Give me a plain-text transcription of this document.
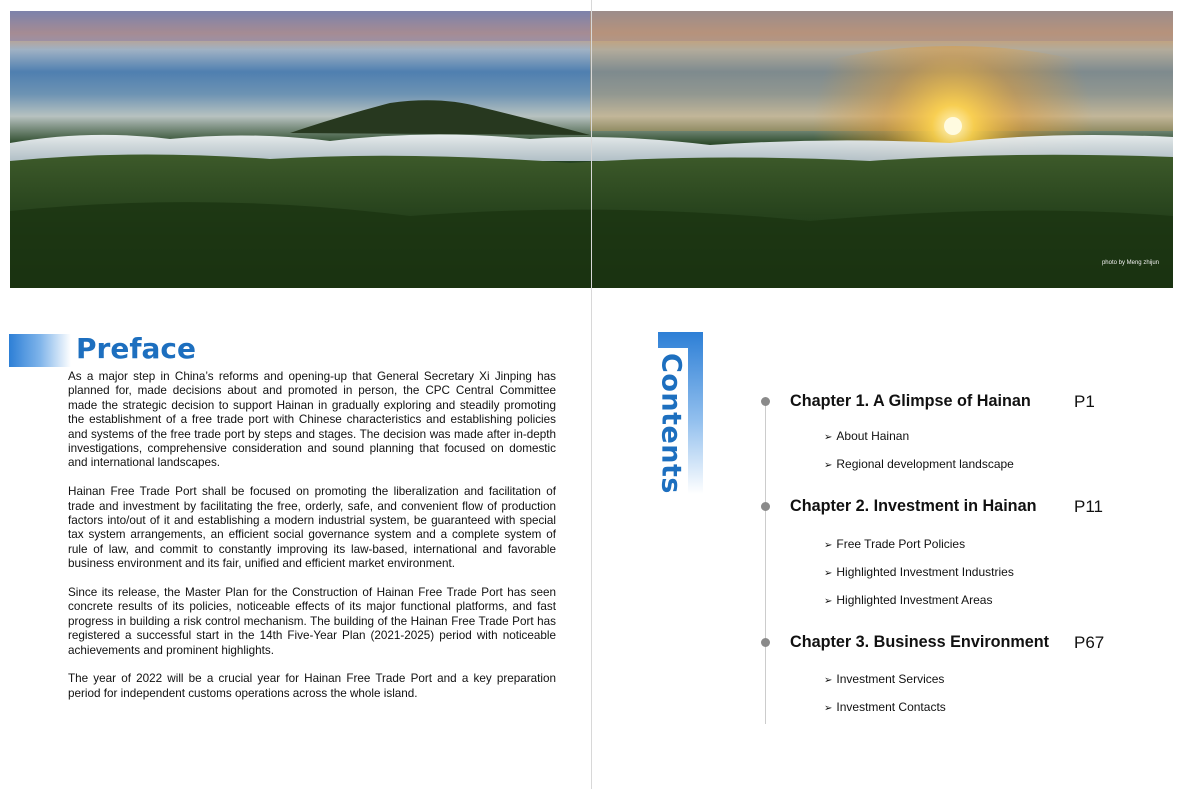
photo by Meng zhijun
Preface

As a major step in China’s reforms and opening-up that General Secretary Xi Jinping has planned for, made decisions about and promoted in person, the CPC Central Committee made the strategic decision to support Hainan in gradually exploring and steadily promoting the establishment of a free trade port with Chinese characteristics and establishing policies and systems of the free trade port by steps and stages. The decision was made after in-depth investigations, comprehensive consideration and sound planning that focused on domestic and international landscapes.

Hainan Free Trade Port shall be focused on promoting the liberalization and facilitation of trade and investment by facilitating the free, orderly, safe, and convenient flow of production factors into/out of it and establishing a modern industrial system, be guaranteed with special tax system arrangements, an efficient social governance system and a complete system of rule of law, and commit to constantly improving its law-based, international and favorable business environment and its fair, unified and efficient market environment.

Since its release, the Master Plan for the Construction of Hainan Free Trade Port has seen concrete results of its policies, noticeable effects of its major functional platforms, and fast progress in building a risk control mechanism. The building of the Hainan Free Trade Port has registered a successful start in the 14th Five-Year Plan (2021-2025) period with noticeable achievements and prominent highlights.

The year of 2022 will be a crucial year for Hainan Free Trade Port and a key preparation period for independent customs operations across the whole island.

Contents	Chapter 1. A Glimpse of Hainan	P1
➢ About Hainan
➢ Regional development landscape
Chapter 2. Investment in Hainan P11
➢ Free Trade Port Policies
➢ Highlighted Investment Industries
➢ Highlighted Investment Areas
Chapter 3. Business Environment P67
➢ Investment Services
➢ Investment Contacts
